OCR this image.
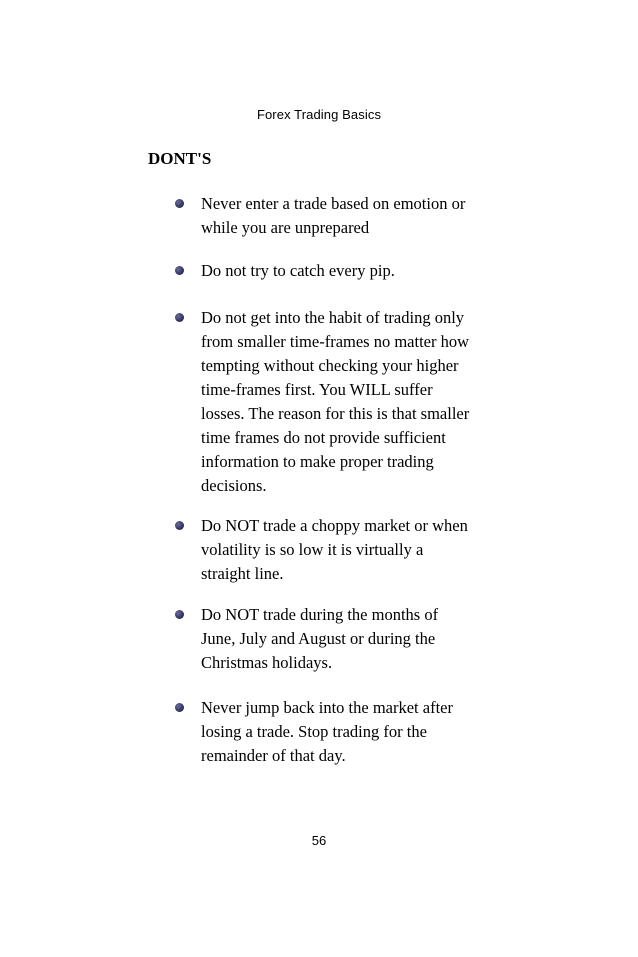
Forex Trading Basics
DONT'S
Never enter a trade based on emotion or
while you are unprepared
Do not try to catch every pip.
Do not get into the habit of trading only
from smaller time-frames no matter how
tempting without checking your higher
time-frames first. You WILL suffer
losses. The reason for this is that smaller
time frames do not provide sufficient
information to make proper trading
decisions.
Do NOT trade a choppy market or when
volatility is so low it is virtually a
straight line.
Do NOT trade during the months of
June, July and August or during the
Christmas holidays.
Never jump back into the market after
losing a trade. Stop trading for the
remainder of that day.
56
